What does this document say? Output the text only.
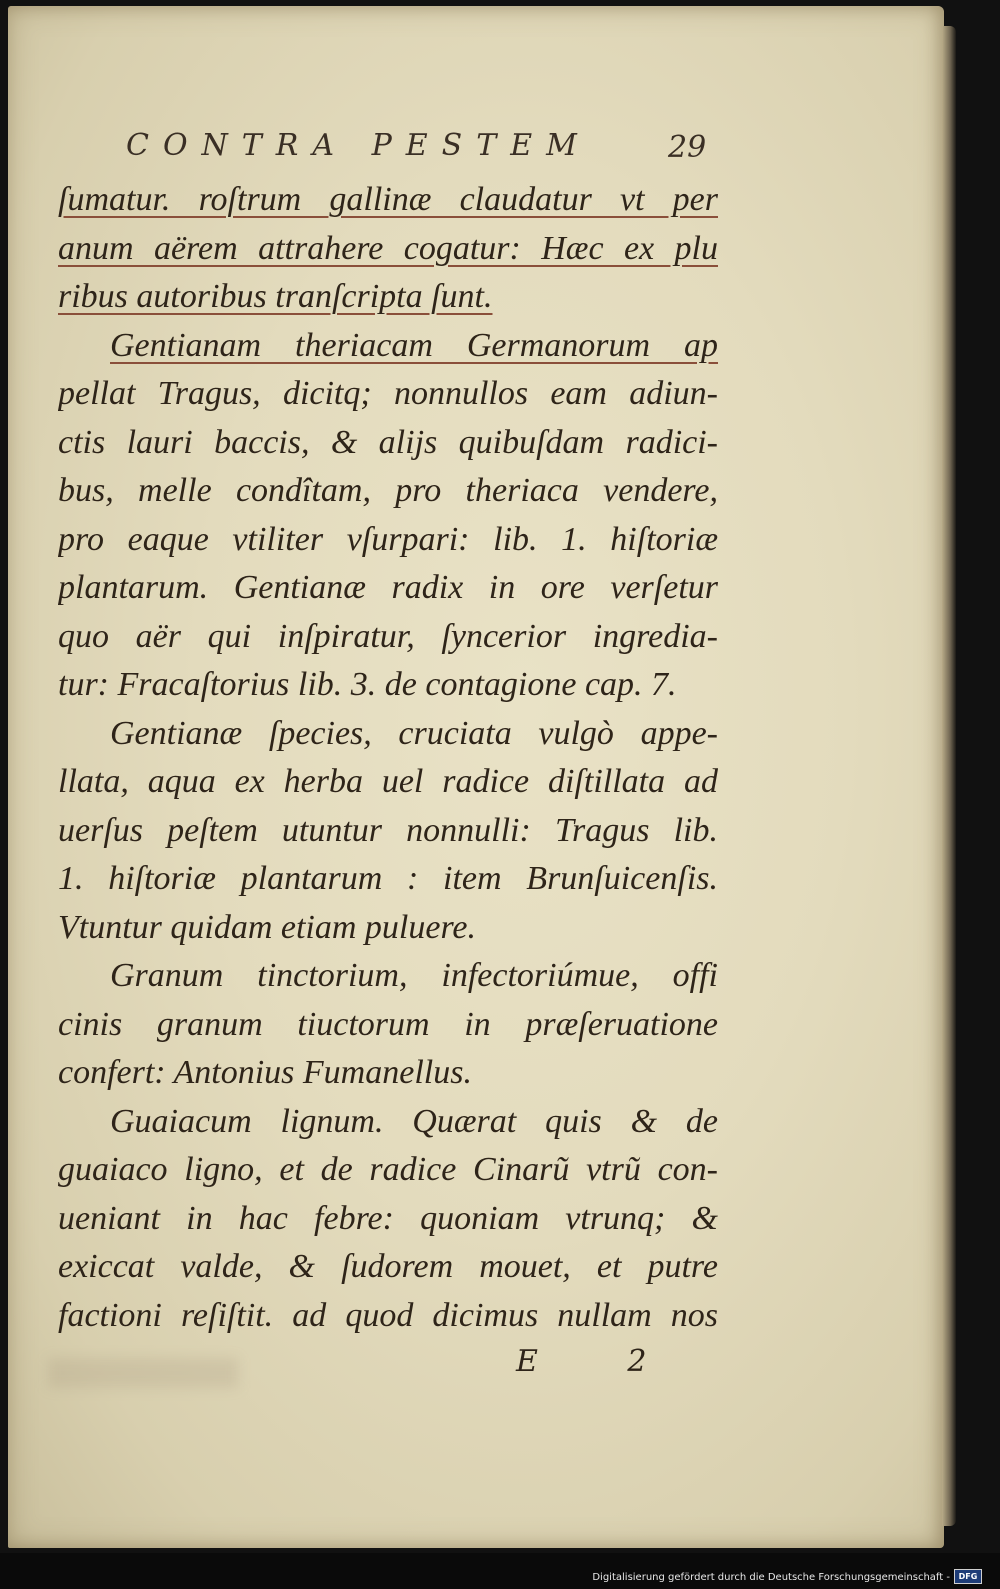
CONTRA PESTEM	29
ſumatur. roſtrum gallinæ claudatur vt per
anum aërem attrahere cogatur: Hæc ex plu
ribus autoribus tranſcripta ſunt.
Gentianam theriacam Germanorum ap
pellat Tragus, dicitq; nonnullos eam adiun-
ctis lauri baccis, & alijs quibuſdam radici-
bus, melle condîtam, pro theriaca vendere,
pro eaque vtiliter vſurpari: lib. 1. hiſtoriæ
plantarum. Gentianæ radix in ore verſetur
quo aër qui inſpiratur, ſyncerior ingredia-
tur: Fracaſtorius lib. 3. de contagione cap. 7.
Gentianæ ſpecies, cruciata vulgò appe-
llata, aqua ex herba uel radice diſtillata ad
uerſus peſtem utuntur nonnulli: Tragus lib.
1. hiſtoriæ plantarum : item Brunſuicenſis.
Vtuntur quidam etiam puluere.
Granum tinctorium, infectoriúmue, offi
cinis granum tiuctorum in præſeruatione
confert: Antonius Fumanellus.
Guaiacum lignum. Quærat quis & de
guaiaco ligno, et de radice Cinarũ vtrũ con-
ueniant in hac febre: quoniam vtrunq; &
exiccat valde, & ſudorem mouet, et putre
factioni reſiſtit. ad quod dicimus nullam nos
E 2
Digitalisierung gefördert durch die Deutsche Forschungsgemeinschaft -	DFG
